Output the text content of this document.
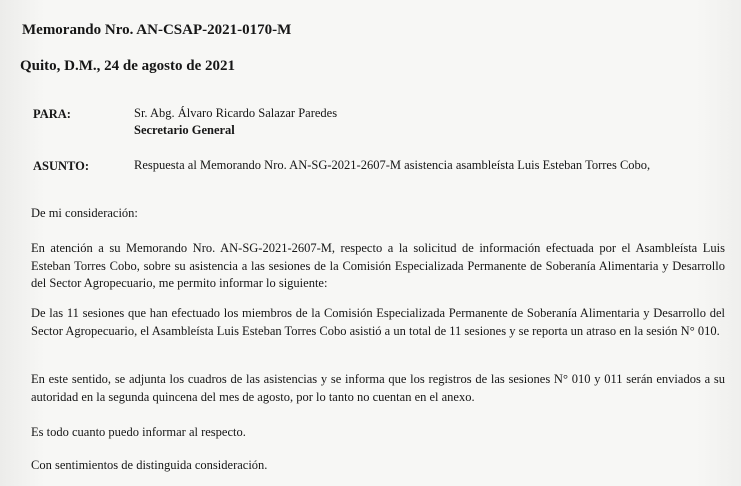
Memorando Nro. AN-CSAP-2021-0170-M
Quito, D.M., 24 de agosto de 2021
PARA:	Sr. Abg. Álvaro Ricardo Salazar Paredes
Secretario General
ASUNTO:	Respuesta al Memorando Nro. AN-SG-2021-2607-M asistencia asambleísta Luis Esteban Torres Cobo,
De mi consideración:
En atención a su Memorando Nro. AN-SG-2021-2607-M, respecto a la solicitud de información efectuada por el Asambleísta Luis Esteban Torres Cobo, sobre su asistencia a las sesiones de la Comisión Especializada Permanente de Soberanía Alimentaria y Desarrollo del Sector Agropecuario, me permito informar lo siguiente:
De las 11 sesiones que han efectuado los miembros de la Comisión Especializada Permanente de Soberanía Alimentaria y Desarrollo del Sector Agropecuario, el Asambleísta Luis Esteban Torres Cobo asistió a un total de 11 sesiones y se reporta un atraso en la sesión N° 010.
En este sentido, se adjunta los cuadros de las asistencias y se informa que los registros de las sesiones N° 010 y 011 serán enviados a su autoridad en la segunda quincena del mes de agosto, por lo tanto no cuentan en el anexo.
Es todo cuanto puedo informar al respecto.
Con sentimientos de distinguida consideración.
